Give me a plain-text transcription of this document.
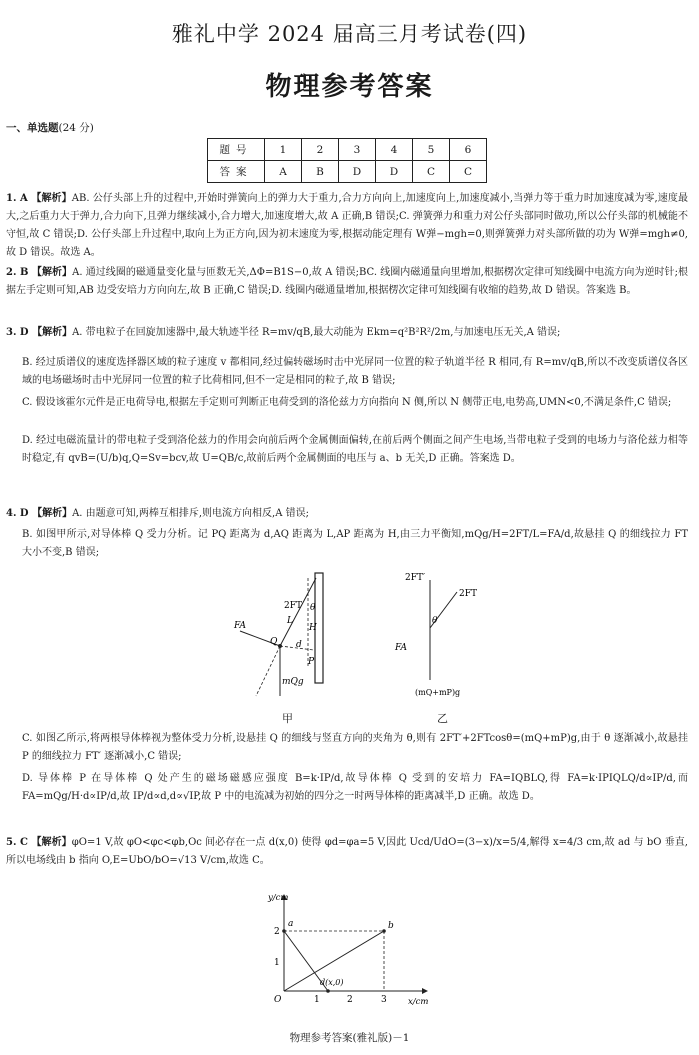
雅礼中学 2024 届高三月考试卷(四)
物理参考答案
一、单选题(24 分)
题号	1	2	3	4	5	6
答案	A	B	D	D	C	C

1. A 【解析】AB. 公仔头部上升的过程中,开始时弹簧向上的弹力大于重力,合力方向向上,加速度向上,加速度减小,当弹力等于重力时加速度减为零,速度最大,之后重力大于弹力,合力向下,且弹力继续减小,合力增大,加速度增大,故 A 正确,B 错误;C. 弹簧弹力和重力对公仔头部同时做功,所以公仔头部的机械能不守恒,故 C 错误;D. 公仔头部上升过程中,取向上为正方向,因为初末速度为零,根据动能定理有 W弹−mgh=0,则弹簧弹力对头部所做的功为 W弹=mgh≠0,故 D 错误。故选 A。

2. B 【解析】A. 通过线圈的磁通量变化量与匝数无关,ΔΦ=B1S−0,故 A 错误;BC. 线圈内磁通量向里增加,根据楞次定律可知线圈中电流方向为逆时针;根据左手定则可知,AB 边受安培力方向向左,故 B 正确,C 错误;D. 线圈内磁通量增加,根据楞次定律可知线圈有收缩的趋势,故 D 错误。答案选 B。

3. D 【解析】A. 带电粒子在回旋加速器中,最大轨迹半径 R=mv/qB,最大动能为 Ekm=q²B²R²/2m,与加速电压无关,A 错误;

B. 经过质谱仪的速度选择器区域的粒子速度 v 都相同,经过偏转磁场时击中光屏同一位置的粒子轨道半径 R 相同,有 R=mv/qB,所以不改变质谱仪各区域的电场磁场时击中光屏同一位置的粒子比荷相同,但不一定是相同的粒子,故 B 错误;

C. 假设该霍尔元件是正电荷导电,根据左手定则可判断正电荷受到的洛伦兹力方向指向 N 侧,所以 N 侧带正电,电势高,UMN<0,不满足条件,C 错误;

D. 经过电磁流量计的带电粒子受到洛伦兹力的作用会向前后两个金属侧面偏转,在前后两个侧面之间产生电场,当带电粒子受到的电场力与洛伦兹力相等时稳定,有 qvB=(U/b)q,Q=Sv=bcv,故 U=QB/c,故前后两个金属侧面的电压与 a、b 无关,D 正确。答案选 D。

4. D 【解析】A. 由题意可知,两棒互相排斥,则电流方向相反,A 错误;

B. 如图甲所示,对导体棒 Q 受力分析。记 PQ 距离为 d,AQ 距离为 L,AP 距离为 H,由三力平衡知,mQg/H=2FT/L=FA/d,故悬挂 Q 的细线拉力 FT 大小不变,B 错误;

2FT θ
L
H
FA
Q d
P
mQg
甲
2FT′
2FT
θ
FA
(mQ+mP)g
乙

C. 如图乙所示,将两根导体棒视为整体受力分析,设悬挂 Q 的细线与竖直方向的夹角为 θ,则有 2FT′+2FTcosθ=(mQ+mP)g,由于 θ 逐渐减小,故悬挂 P 的细线拉力 FT′ 逐渐减小,C 错误;

D. 导体棒 P 在导体棒 Q 处产生的磁场磁感应强度 B=k·IP/d,故导体棒 Q 受到的安培力 FA=IQBLQ,得 FA=k·IPIQLQ/d∝IP/d,而 FA=mQg/H·d∝IP/d,故 IP/d∝d,d∝√IP,故 P 中的电流减为初始的四分之一时两导体棒的距离减半,D 正确。故选 D。

5. C 【解析】φO=1 V,故 φO<φc<φb,Oc 间必存在一点 d(x,0) 使得 φd=φa=5 V,因此 Ucd/UdO=(3−x)/x=5/4,解得 x=4/3 cm,故 ad 与 bO 垂直,所以电场线由 b 指向 O,E=UbO/bO=√13 V/cm,故选 C。

y/cm
x/cm
a	b
d(x,0)
O	1	2	3
1
2
物理参考答案(雅礼版)－1
